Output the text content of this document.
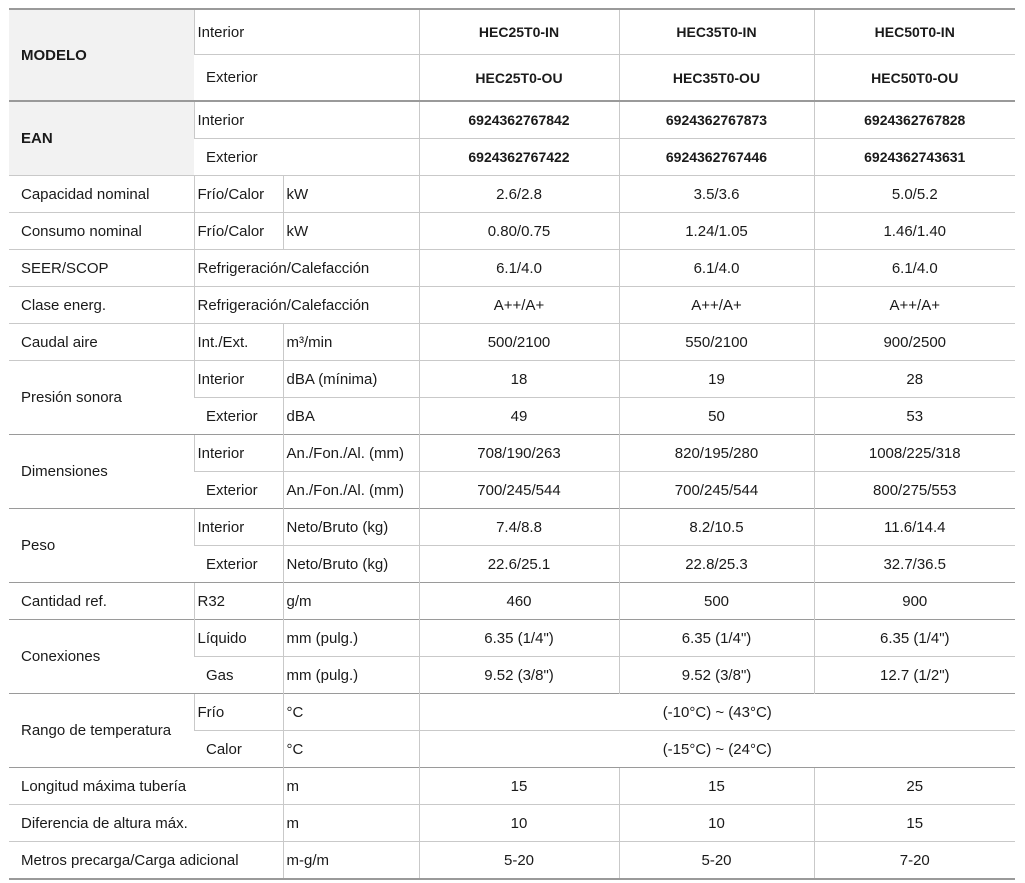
MODELO	Interior		HEC25T0-IN	HEC35T0-IN	HEC50T0-IN
	Exterior		HEC25T0-OU	HEC35T0-OU	HEC50T0-OU
EAN	Interior		6924362767842	6924362767873	6924362767828
	Exterior		6924362767422	6924362767446	6924362743631
Capacidad nominal	Frío/Calor	kW	2.6/2.8	3.5/3.6	5.0/5.2
Consumo nominal	Frío/Calor	kW	0.80/0.75	1.24/1.05	1.46/1.40
SEER/SCOP	Refrigeración/Calefacción		6.1/4.0	6.1/4.0	6.1/4.0
Clase energ.	Refrigeración/Calefacción		A++/A+	A++/A+	A++/A+
Caudal aire	Int./Ext.	m³/min	500/2100	550/2100	900/2500
Presión sonora	Interior	dBA (mínima)	18	19	28
	Exterior	dBA	49	50	53
Dimensiones	Interior	An./Fon./Al. (mm)	708/190/263	820/195/280	1008/225/318
	Exterior	An./Fon./Al. (mm)	700/245/544	700/245/544	800/275/553
Peso	Interior	Neto/Bruto (kg)	7.4/8.8	8.2/10.5	11.6/14.4
	Exterior	Neto/Bruto (kg)	22.6/25.1	22.8/25.3	32.7/36.5
Cantidad ref.	R32	g/m	460	500	900
Conexiones	Líquido	mm (pulg.)	6.35 (1/4")	6.35 (1/4")	6.35 (1/4")
	Gas	mm (pulg.)	9.52 (3/8")	9.52 (3/8")	12.7 (1/2")
Rango de temperatura	Frío	°C	(-10°C) ~ (43°C)		
	Calor	°C	(-15°C) ~ (24°C)		
Longitud máxima tubería		m	15	15	25
Diferencia de altura máx.		m	10	10	15
Metros precarga/Carga adicional		m-g/m	5-20	5-20	7-20
